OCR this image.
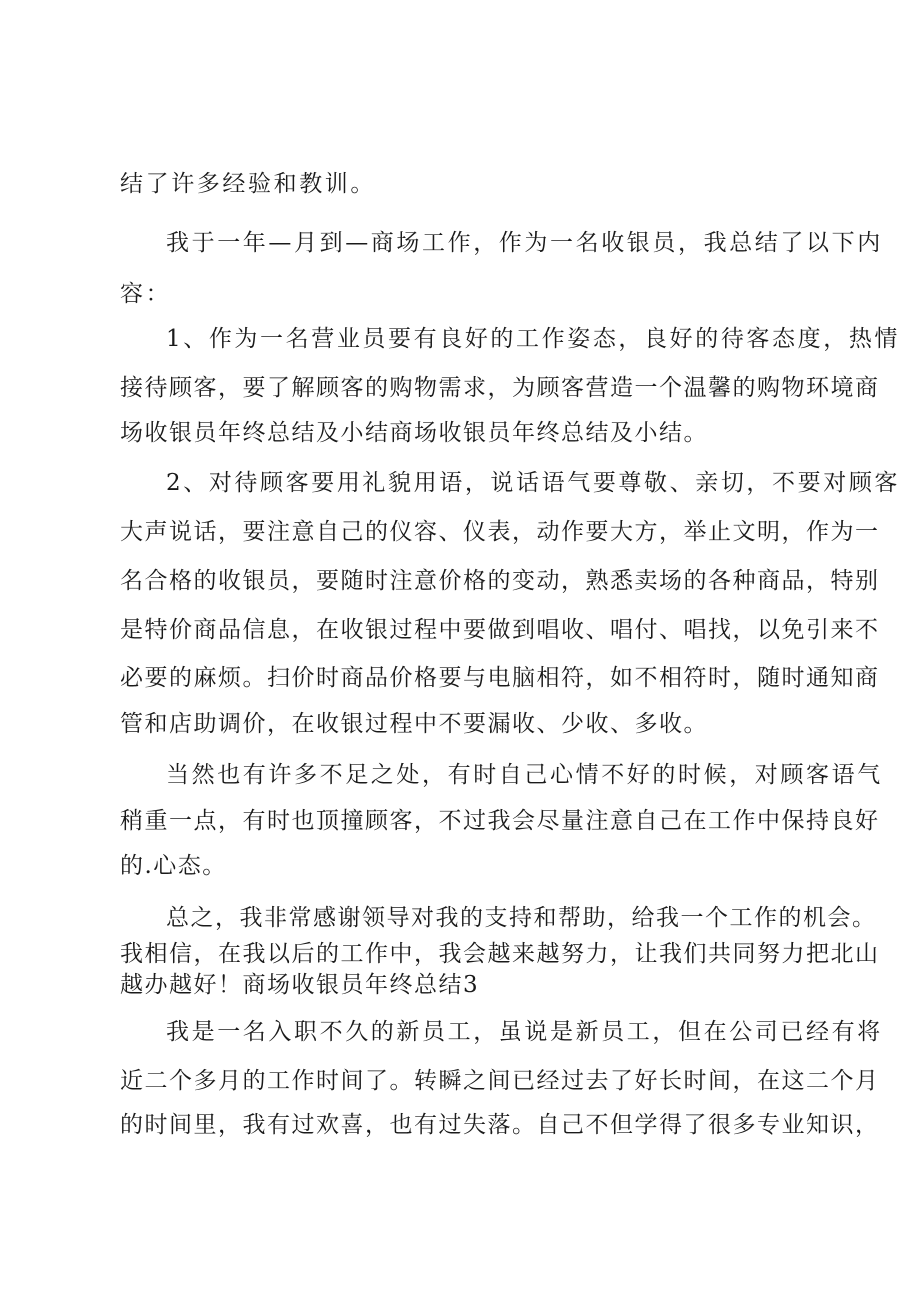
结了许多经验和教训。
我于一年—月到—商场工作，作为一名收银员，我总结了以下内
容：
1、作为一名营业员要有良好的工作姿态，良好的待客态度，热情
接待顾客，要了解顾客的购物需求，为顾客营造一个温馨的购物环境商
场收银员年终总结及小结商场收银员年终总结及小结。
2、对待顾客要用礼貌用语，说话语气要尊敬、亲切，不要对顾客
大声说话，要注意自己的仪容、仪表，动作要大方，举止文明，作为一
名合格的收银员，要随时注意价格的变动，熟悉卖场的各种商品，特别
是特价商品信息，在收银过程中要做到唱收、唱付、唱找，以免引来不
必要的麻烦。扫价时商品价格要与电脑相符，如不相符时，随时通知商
管和店助调价，在收银过程中不要漏收、少收、多收。
当然也有许多不足之处，有时自己心情不好的时候，对顾客语气
稍重一点，有时也顶撞顾客，不过我会尽量注意自己在工作中保持良好
的.心态。
总之，我非常感谢领导对我的支持和帮助，给我一个工作的机会。
我相信，在我以后的工作中，我会越来越努力，让我们共同努力把北山
越办越好！商场收银员年终总结3
我是一名入职不久的新员工，虽说是新员工，但在公司已经有将
近二个多月的工作时间了。转瞬之间已经过去了好长时间，在这二个月
的时间里，我有过欢喜，也有过失落。自己不但学得了很多专业知识，
